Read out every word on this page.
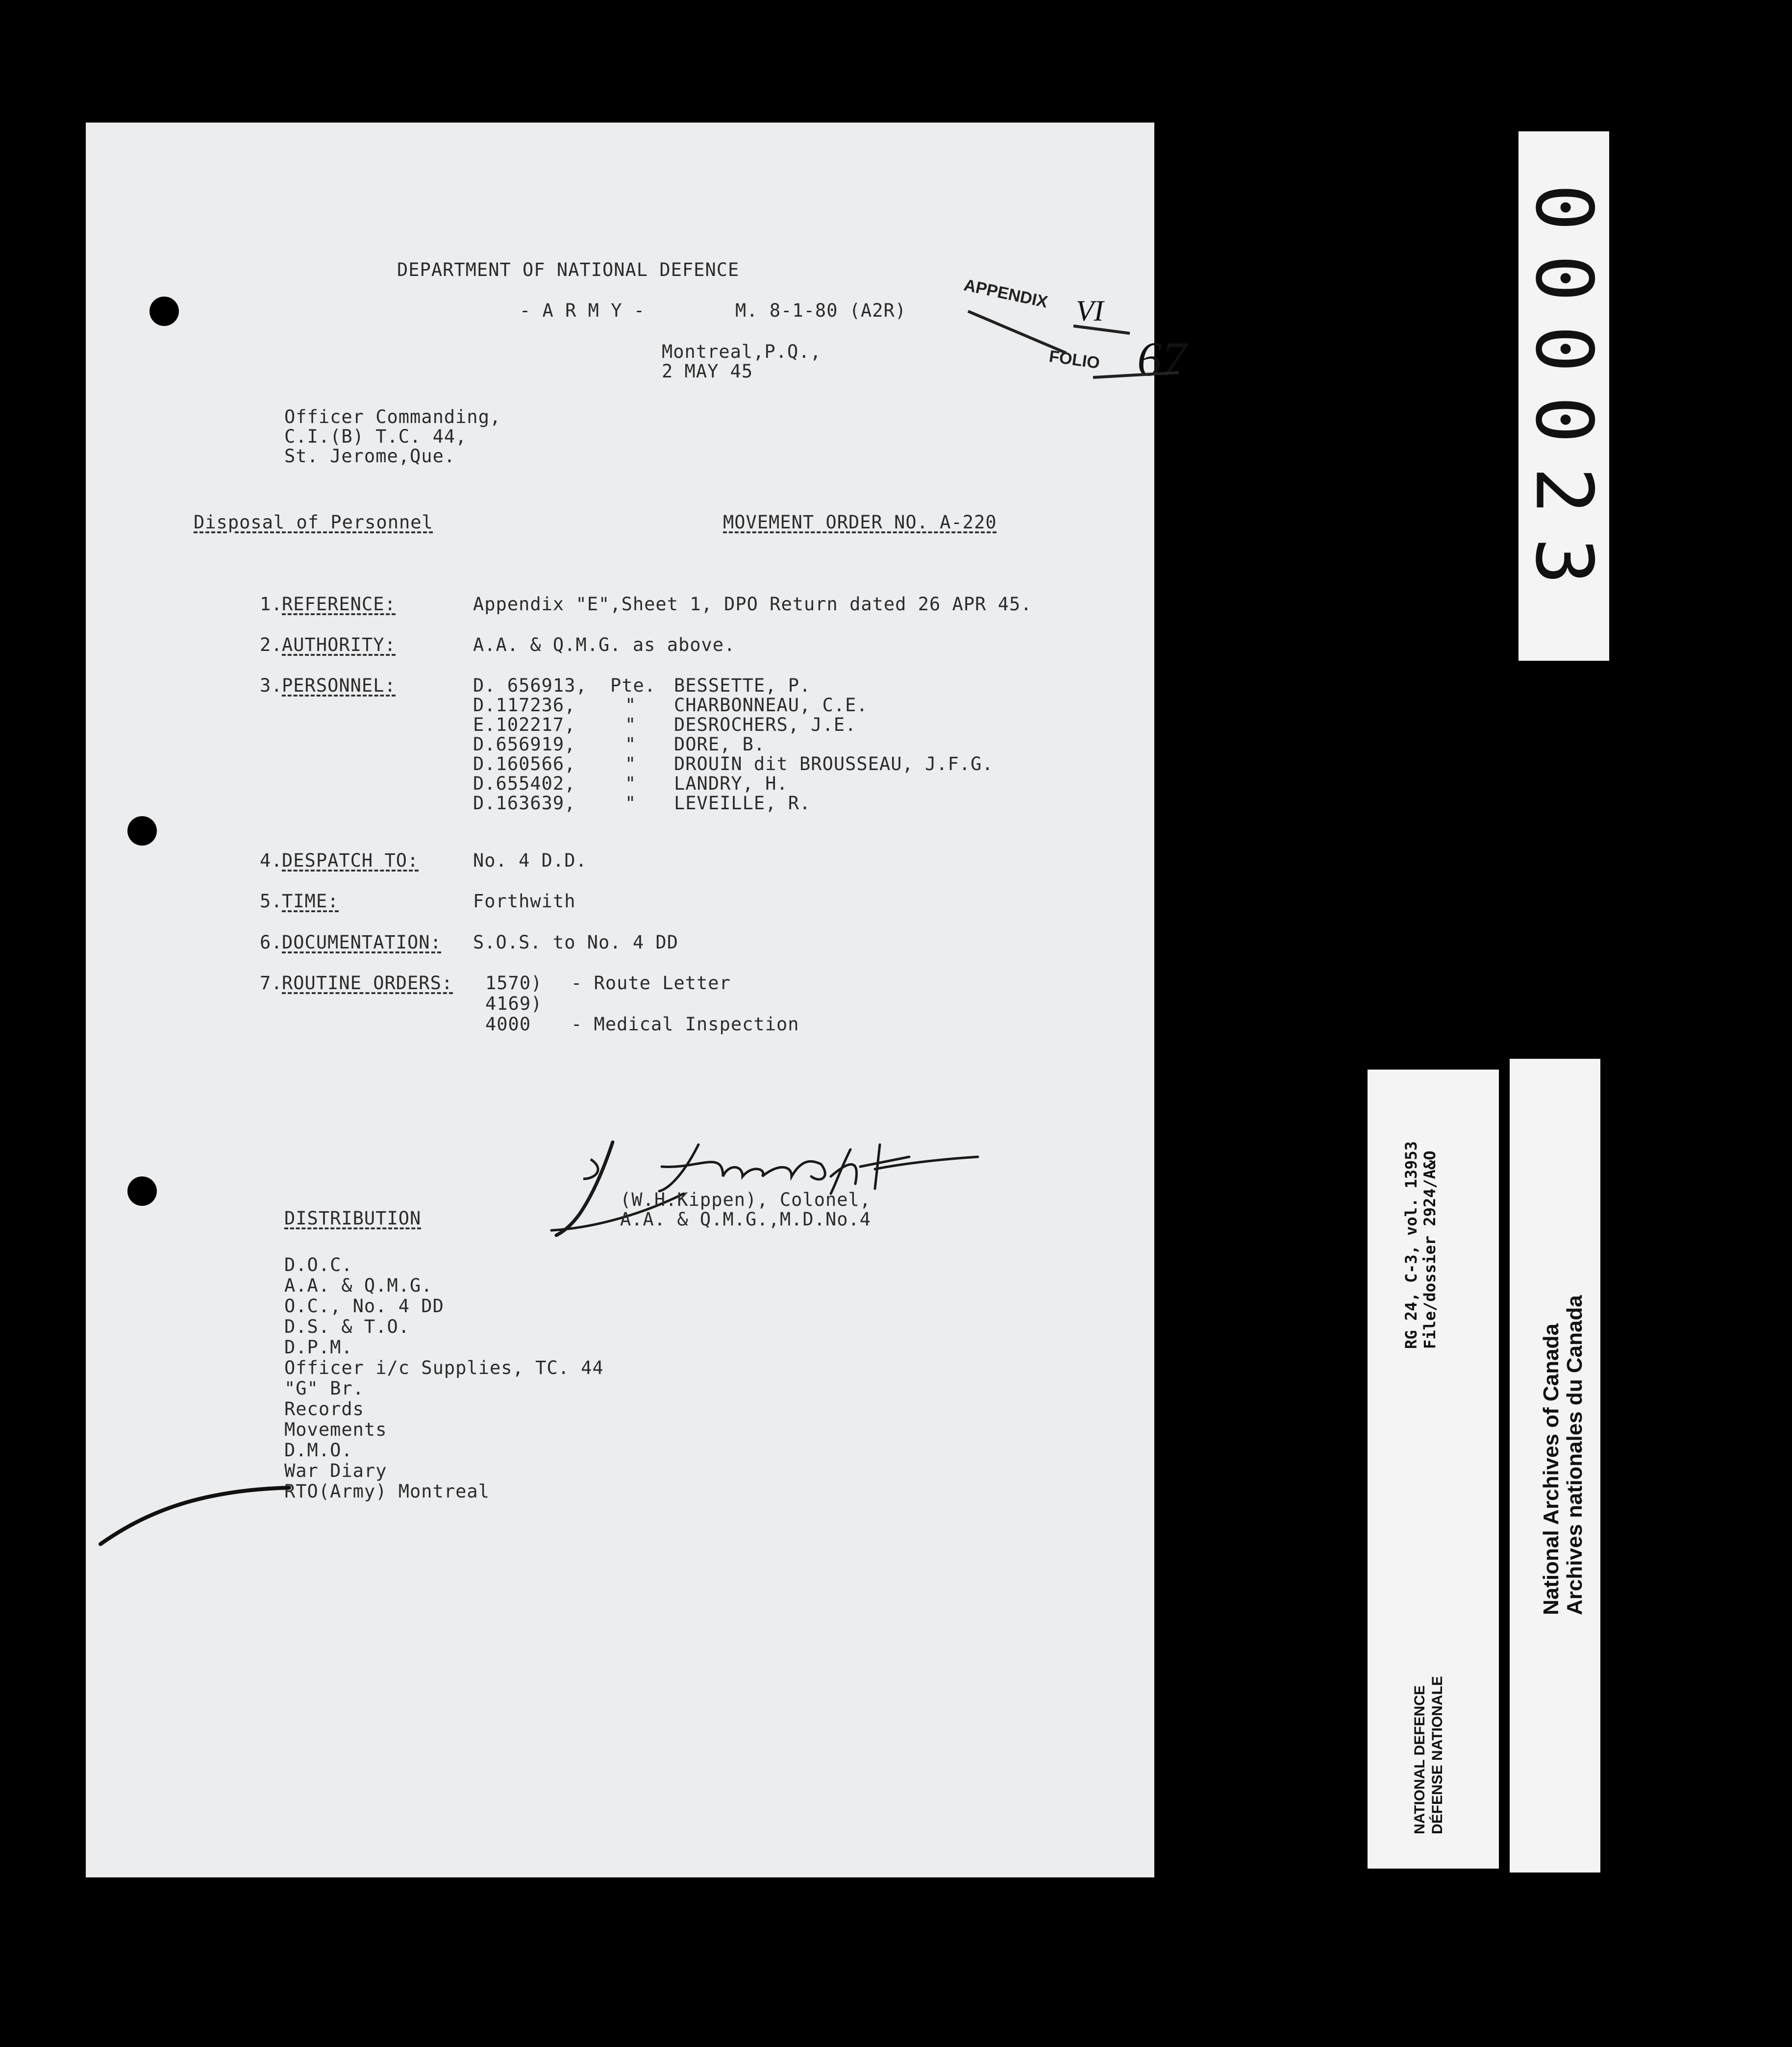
APPENDIX VI
FOLIO 67
DEPARTMENT OF NATIONAL DEFENCE
- A R M Y -	M. 8-1-80 (A2R)
Montreal,P.Q.,
2 MAY 45
Officer Commanding,
C.I.(B) T.C. 44,
St. Jerome,Que.
Disposal of Personnel	MOVEMENT ORDER NO. A-220
1.
REFERENCE:	Appendix "E",Sheet 1, DPO Return dated 26 APR 45.
2.
AUTHORITY:	A.A. & Q.M.G. as above.
3.
PERSONNEL:	D. 656913, Pte. BESSETTE, P.
D.117236,	" CHARBONNEAU, C.E.
E.102217,	" DESROCHERS, J.E.
D.656919,	" DORE, B.
D.160566,	" DROUIN dit BROUSSEAU, J.F.G.
D.655402,	" LANDRY, H.
D.163639,	" LEVEILLE, R.
4.
DESPATCH TO:	No. 4 D.D.
5.
TIME:	Forthwith
6.
DOCUMENTATION: S.O.S. to No. 4 DD
7.
ROUTINE ORDERS: 1570) - Route Letter
4169)
4000 - Medical Inspection
(W.H.Kippen), Colonel,
A.A. & Q.M.G.,M.D.No.4
DISTRIBUTION
D.O.C.
A.A. & Q.M.G.
O.C., No. 4 DD
D.S. & T.O.
D.P.M.
Officer i/c Supplies, TC. 44
"G" Br.
Records
Movements
D.M.O.
War Diary
RTO(Army) Montreal
000023
NATIONAL DEFENCE DÉFENSE NATIONALE
RG 24, C-3, vol. 13953 File/dossier 2924/A&O
National Archives of Canada Archives nationales du Canada
